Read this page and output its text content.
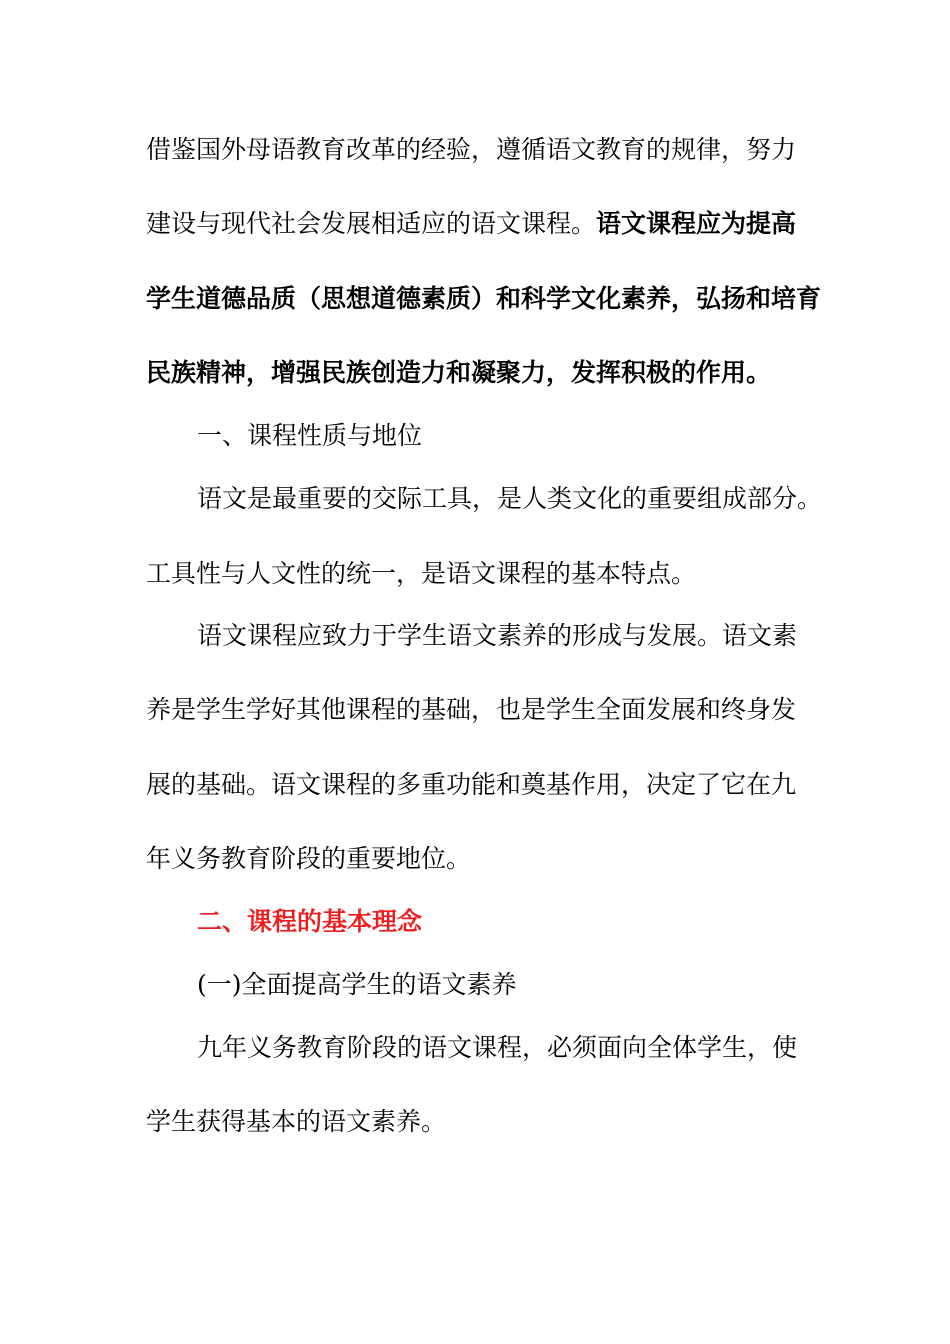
借鉴国外母语教育改革的经验，遵循语文教育的规律，努力
建设与现代社会发展相适应的语文课程。语文课程应为提高
学生道德品质（思想道德素质）和科学文化素养，弘扬和培育
民族精神，增强民族创造力和凝聚力，发挥积极的作用。
一、课程性质与地位
语文是最重要的交际工具，是人类文化的重要组成部分。
工具性与人文性的统一，是语文课程的基本特点。
语文课程应致力于学生语文素养的形成与发展。语文素
养是学生学好其他课程的基础，也是学生全面发展和终身发
展的基础。语文课程的多重功能和奠基作用，决定了它在九
年义务教育阶段的重要地位。
二、课程的基本理念
(一)全面提高学生的语文素养
九年义务教育阶段的语文课程，必须面向全体学生，使
学生获得基本的语文素养。
